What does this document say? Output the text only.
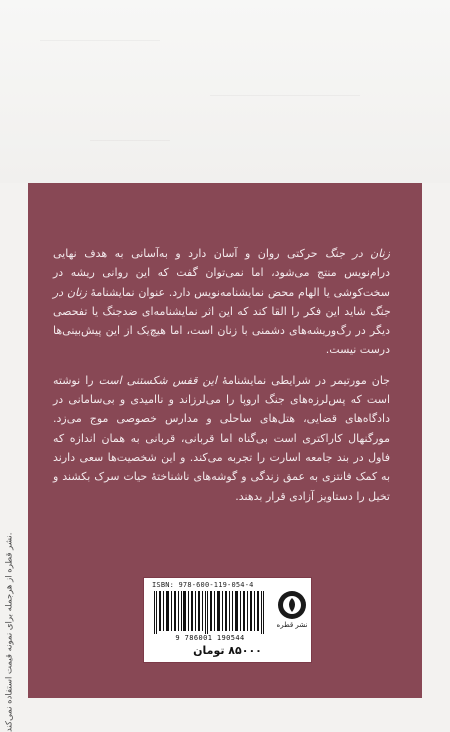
نشر قطره از هرجمله برای نمونه قیمت استفاده نمی‌کند.

زنان در جنگ حرکتی روان و آسان دارد و به‌آسانی به هدف نهایی درام‌نویس منتج می‌شود، اما نمی‌توان گفت که این روانی ریشه در سخت‌کوشی یا الهام محض نمایشنامه‌نویس دارد. عنوان نمایشنامهٔ زنان در جنگ شاید این فکر را القا کند که این اثر نمایشنامه‌ای ضدجنگ یا تفحصی دیگر در رگ‌وریشه‌های دشمنی با زنان است، اما هیچ‌یک از این پیش‌بینی‌ها درست نیست.

جان مورتیمر در شرایطی نمایشنامهٔ این قفس شکستنی است را نوشته است که پس‌لرزه‌های جنگ اروپا را می‌لرزاند و ناامیدی و بی‌سامانی در دادگاه‌های قضایی، هتل‌های ساحلی و مدارس خصوصی موج می‌زد. مورگنهال کاراکتری است بی‌گناه اما قربانی، قربانی به همان اندازه که فاول در بند جامعه اسارت را تجربه می‌کند. و این شخصیت‌ها سعی دارند به کمک فانتزی به عمق زندگی و گوشه‌های ناشناختهٔ حیات سرک بکشند و تخیل را دستاویز آزادی قرار بدهند.

ISBN: 978-600-119-054-4
9 786001 190544
نشر قطره
۸۵۰۰۰ تومان
